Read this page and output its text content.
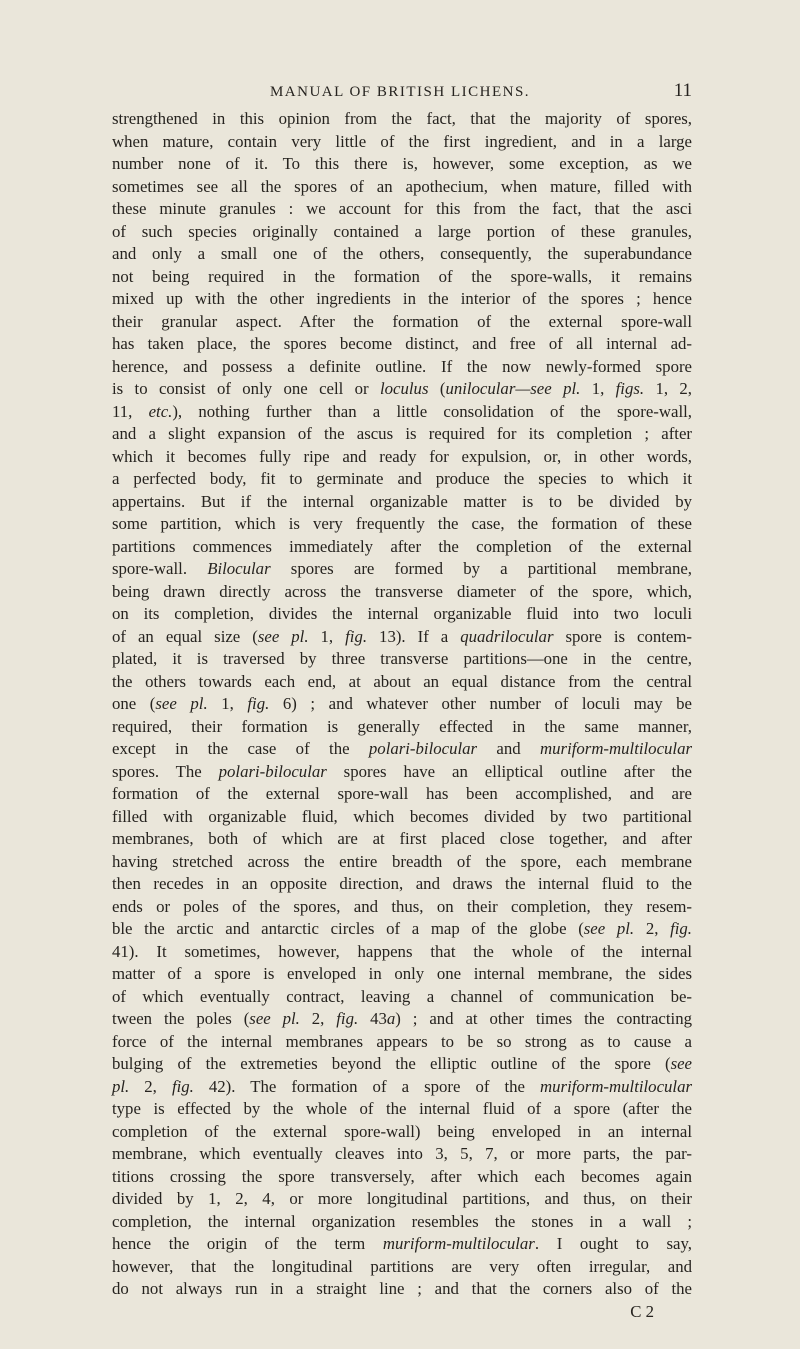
MANUAL OF BRITISH LICHENS.	11
strengthened in this opinion from the fact, that the majority of spores,
when mature, contain very little of the first ingredient, and in a large
number none of it. To this there is, however, some exception, as we
sometimes see all the spores of an apothecium, when mature, filled with
these minute granules : we account for this from the fact, that the asci
of such species originally contained a large portion of these granules,
and only a small one of the others, consequently, the superabundance
not being required in the formation of the spore-walls, it remains
mixed up with the other ingredients in the interior of the spores ; hence
their granular aspect. After the formation of the external spore-wall
has taken place, the spores become distinct, and free of all internal ad-
herence, and possess a definite outline. If the now newly-formed spore
is to consist of only one cell or loculus (unilocular—see pl. 1, figs. 1, 2,
11, etc.), nothing further than a little consolidation of the spore-wall,
and a slight expansion of the ascus is required for its completion ; after
which it becomes fully ripe and ready for expulsion, or, in other words,
a perfected body, fit to germinate and produce the species to which it
appertains. But if the internal organizable matter is to be divided by
some partition, which is very frequently the case, the formation of these
partitions commences immediately after the completion of the external
spore-wall. Bilocular spores are formed by a partitional membrane,
being drawn directly across the transverse diameter of the spore, which,
on its completion, divides the internal organizable fluid into two loculi
of an equal size (see pl. 1, fig. 13). If a quadrilocular spore is contem-
plated, it is traversed by three transverse partitions—one in the centre,
the others towards each end, at about an equal distance from the central
one (see pl. 1, fig. 6) ; and whatever other number of loculi may be
required, their formation is generally effected in the same manner,
except in the case of the polari-bilocular and muriform-multilocular
spores. The polari-bilocular spores have an elliptical outline after the
formation of the external spore-wall has been accomplished, and are
filled with organizable fluid, which becomes divided by two partitional
membranes, both of which are at first placed close together, and after
having stretched across the entire breadth of the spore, each membrane
then recedes in an opposite direction, and draws the internal fluid to the
ends or poles of the spores, and thus, on their completion, they resem-
ble the arctic and antarctic circles of a map of the globe (see pl. 2, fig.
41). It sometimes, however, happens that the whole of the internal
matter of a spore is enveloped in only one internal membrane, the sides
of which eventually contract, leaving a channel of communication be-
tween the poles (see pl. 2, fig. 43a) ; and at other times the contracting
force of the internal membranes appears to be so strong as to cause a
bulging of the extremeties beyond the elliptic outline of the spore (see
pl. 2, fig. 42). The formation of a spore of the muriform-multilocular
type is effected by the whole of the internal fluid of a spore (after the
completion of the external spore-wall) being enveloped in an internal
membrane, which eventually cleaves into 3, 5, 7, or more parts, the par-
titions crossing the spore transversely, after which each becomes again
divided by 1, 2, 4, or more longitudinal partitions, and thus, on their
completion, the internal organization resembles the stones in a wall ;
hence the origin of the term muriform-multilocular. I ought to say,
however, that the longitudinal partitions are very often irregular, and
do not always run in a straight line ; and that the corners also of the
C 2
